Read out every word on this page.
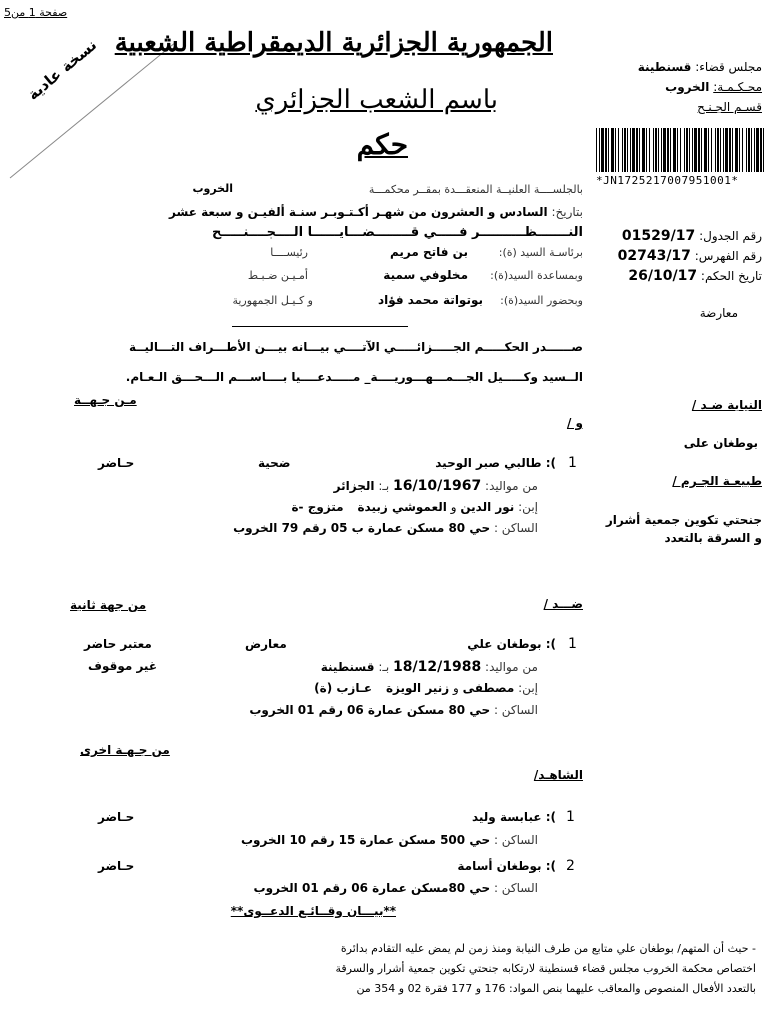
صفحة 1 من5
نسخة عادية الجمهورية الجزائرية الديمقراطية الشعبية
باسم الشعب الجزائري
حكم
مجلس قضاء: قسنطينة
محـكـمـة: الخروب
قسـم الجـنـح
*JN1725217007951001*
رقم الجدول: 01529/17
رقم الفهرس: 02743/17
تاريخ الحكم: 26/10/17
معارضة
بالجلســــة العلنيــة المنعقـــدة بمقــر محكمـــة
الخروب
بتاريخ: السادس و العشرون من شهـر أكـتـوبـر سنـة ألفيـن و سبعة عشر
النـــــــظــــــــــر فـــــي قــــــــضـــايــــــا الــــجــــنـــــح
برئاسـة السيد (ة):
بن فاتح مريم
رئيســــا
وبمساعدة السيد(ة):
مخلوفي سمية
أمـيـن ضـبـط
وبحضور السيد(ة):
بوتواتة محمد فؤاد
و كـيـل الجمهورية
صــــــدر الحكـــــم الجـــــزائـــــي الآتــــي بيـــانه بيـــن الأطـــراف التـــاليــة
الــسيد وكـــــيل الجـــمـــهـــوريــــة_ مـــــدعــــيا بــــاســـم الـــحـــق الـعـام.
النيابة ضـد /
بوطغان على
طبيعـة الجـرم /
جنحتي تكوين جمعية أشرار
و السرقة بالتعدد
مـن جـهــة
من جهة ثانية
من جـهـة اخرى
و /
1
): طالبي صبر الوحيد
ضحية
حـاضر
من مواليد: 16/10/1967 بـ: الجزائر
إبن: نور الدين و العموشي زبيدة متزوج -ة
الساكن : حي 80 مسكن عمارة ب 05 رقم 79 الخروب
ضـــد /
1
): بوطغان علي
معارض
معتبر حاضر
غير موقوف	من مواليد: 18/12/1988 بـ: قسنطينة
إبن: مصطفى و زنير الويزة عـازب (ة)
الساكن : حي 80 مسكن عمارة 06 رقم 01 الخروب
الشاهـد/
1
): عبابسة وليد
حـاضر
الساكن : حي 500 مسكن عمارة 15 رقم 10 الخروب
2
): بوطغان أسامة
حـاضر
الساكن : حي 80مسكن عمارة 06 رقم 01 الخروب
**بيـــان وقــائـع الدعــوى**
- حيث أن المتهم/ بوطغان علي متابع من طرف النيابة ومنذ زمن لم يمض عليه التقادم بدائرة
اختصاص محكمة الخروب مجلس قضاء قسنطينة لارتكابه جنحتي تكوين جمعية أشرار والسرقة
بالتعدد الأفعال المنصوص والمعاقب عليهما بنص المواد: 176 و 177 فقرة 02 و 354 من
